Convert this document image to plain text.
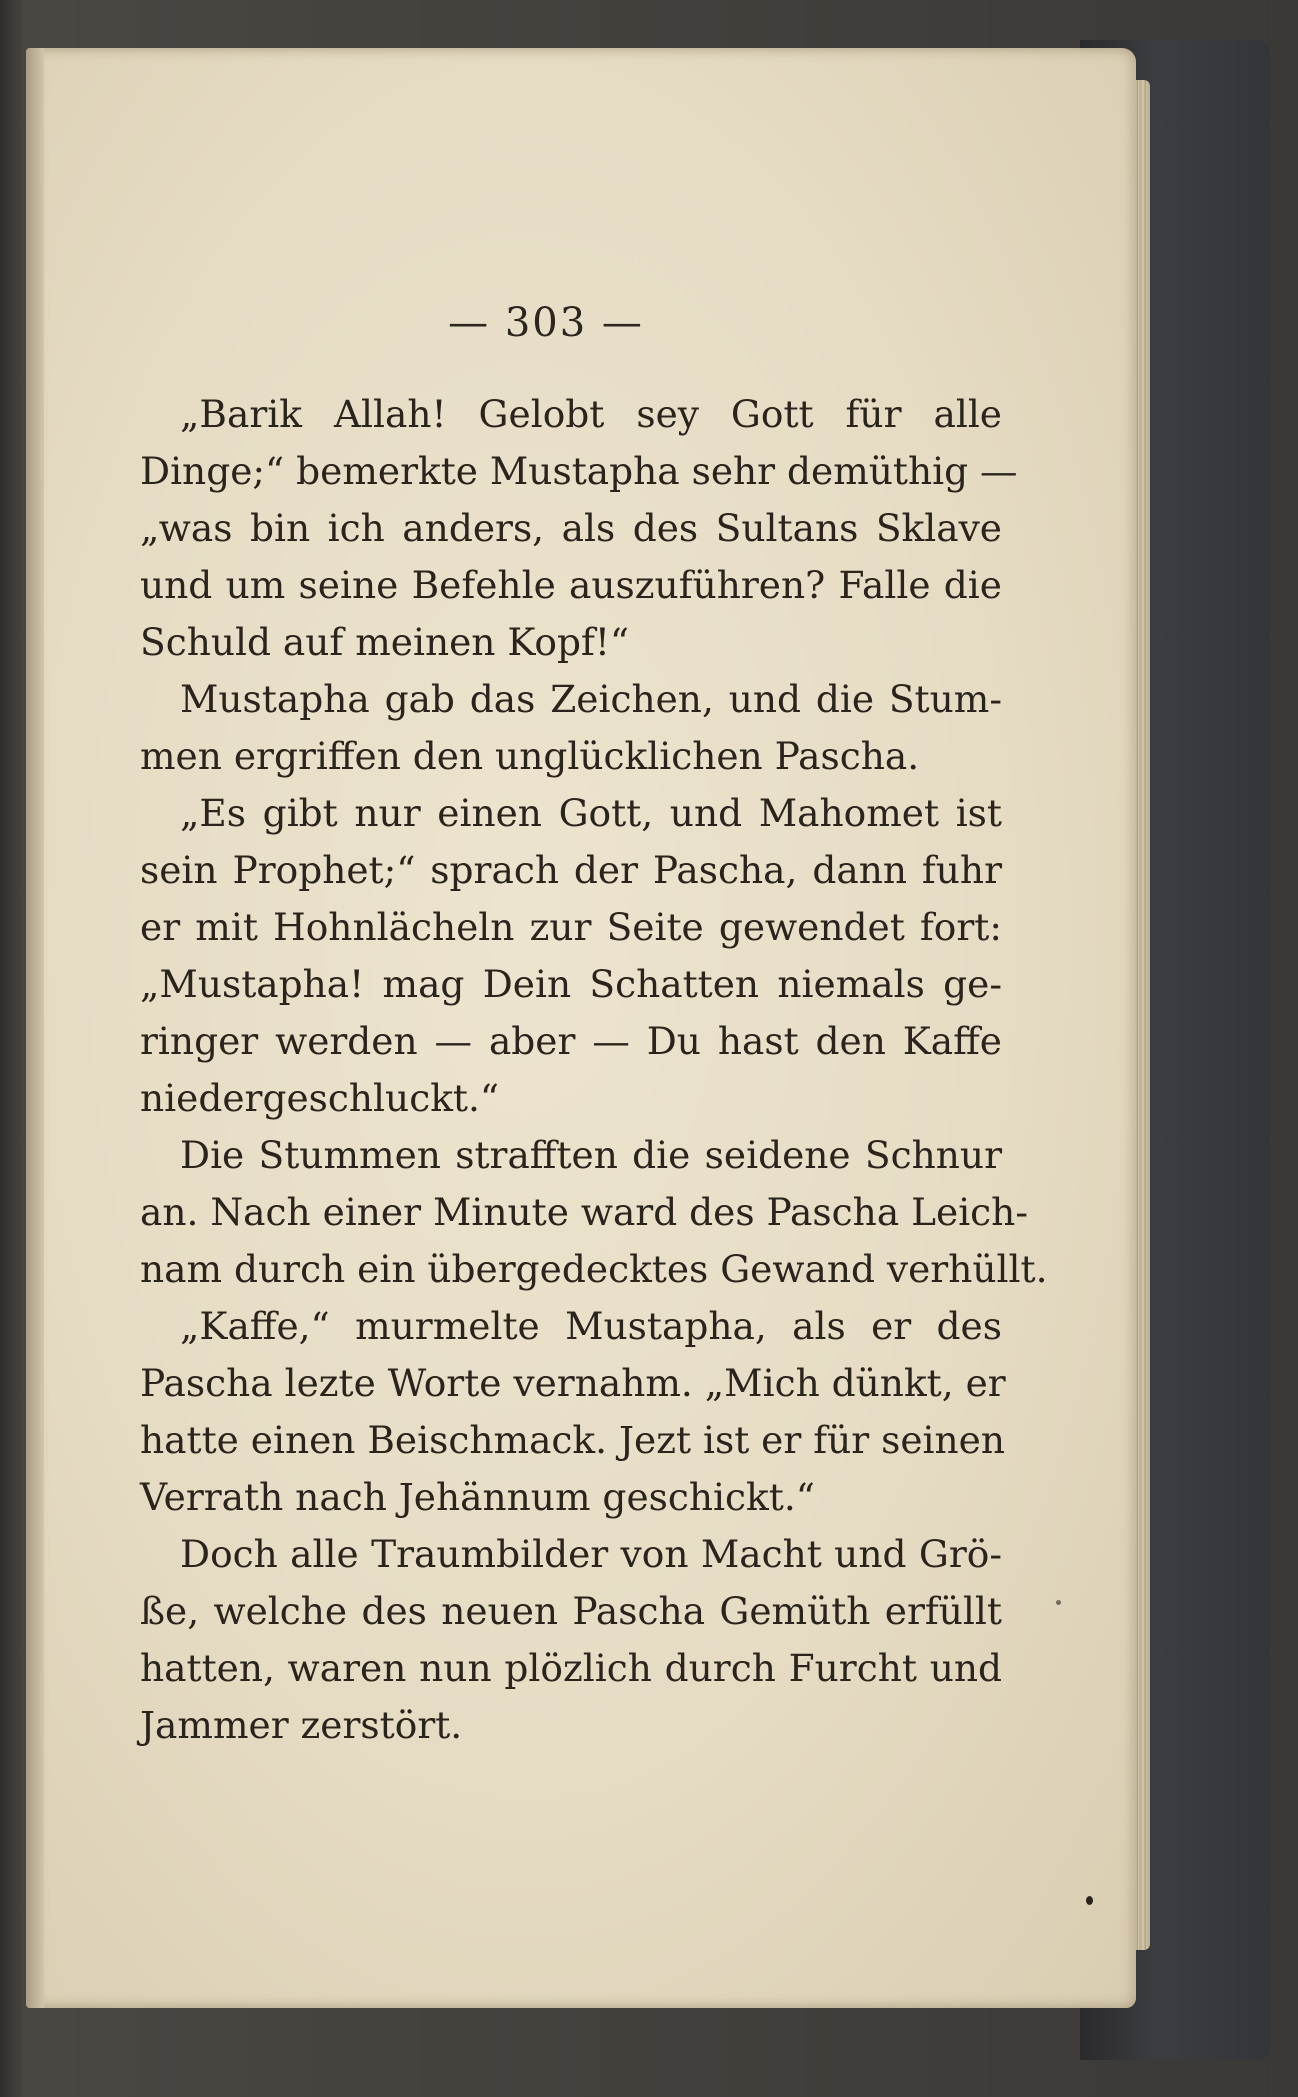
— 303 —

„Barik Allah! Gelobt sey Gott für alle
Dinge;“ bemerkte Mustapha sehr demüthig —
„was bin ich anders, als des Sultans Sklave
und um seine Befehle auszuführen? Falle die
Schuld auf meinen Kopf!“

Mustapha gab das Zeichen, und die Stum-
men ergriffen den unglücklichen Pascha.

„Es gibt nur einen Gott, und Mahomet ist
sein Prophet;“ sprach der Pascha, dann fuhr
er mit Hohnlächeln zur Seite gewendet fort:
„Mustapha! mag Dein Schatten niemals ge-
ringer werden — aber — Du hast den Kaffe
niedergeschluckt.“

Die Stummen strafften die seidene Schnur
an. Nach einer Minute ward des Pascha Leich-
nam durch ein übergedecktes Gewand verhüllt.

„Kaffe,“ murmelte Mustapha, als er des
Pascha lezte Worte vernahm. „Mich dünkt, er
hatte einen Beischmack. Jezt ist er für seinen
Verrath nach Jehännum geschickt.“

Doch alle Traumbilder von Macht und Grö-
ße, welche des neuen Pascha Gemüth erfüllt
hatten, waren nun plözlich durch Furcht und
Jammer zerstört.
